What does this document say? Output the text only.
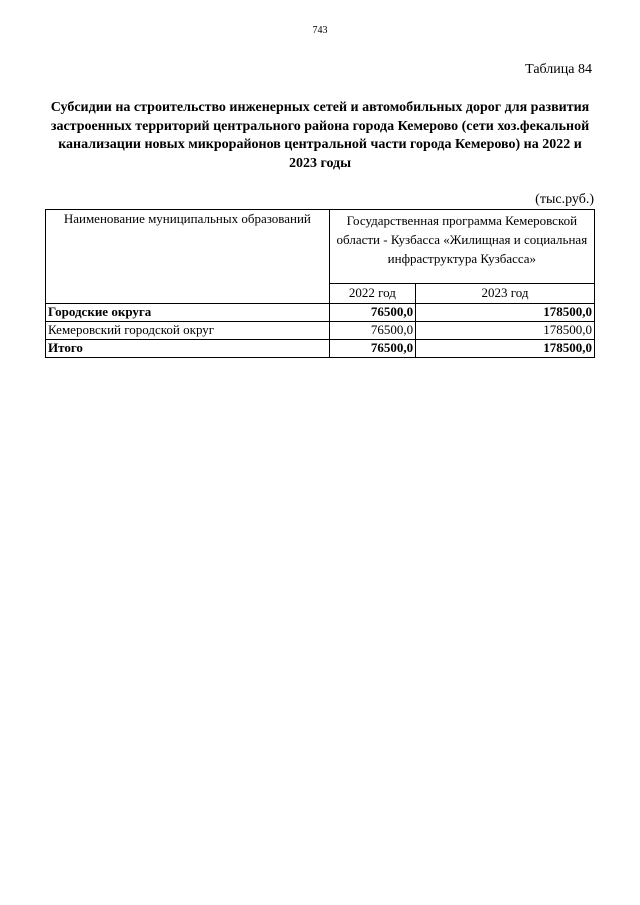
743
Таблица 84
Субсидии на строительство инженерных сетей и автомобильных дорог для развития застроенных территорий центрального района города Кемерово (сети хоз.фекальной канализации новых микрорайонов центральной части города Кемерово) на 2022 и 2023 годы
(тыс.руб.)
Наименование муниципальных образований	Государственная программа Кемеровской области - Кузбасса «Жилищная и социальная инфраструктура Кузбасса»	
	2022 год	2023 год
Городские округа	76500,0	178500,0
Кемеровский городской округ	76500,0	178500,0
Итого	76500,0	178500,0
